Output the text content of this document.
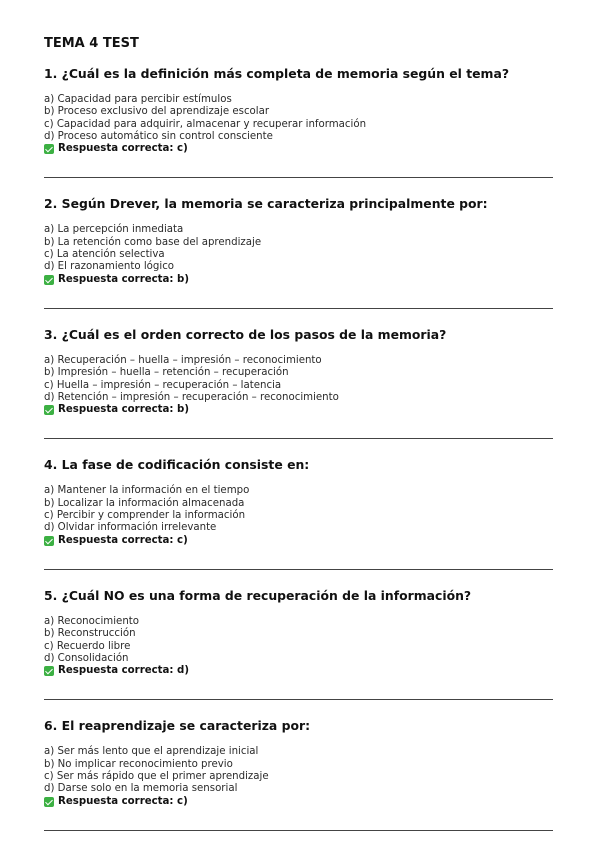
TEMA 4 TEST

1. ¿Cuál es la definición más completa de memoria según el tema?

a) Capacidad para percibir estímulos
b) Proceso exclusivo del aprendizaje escolar
c) Capacidad para adquirir, almacenar y recuperar información
d) Proceso automático sin control consciente
Respuesta correcta: c)

2. Según Drever, la memoria se caracteriza principalmente por:

a) La percepción inmediata
b) La retención como base del aprendizaje
c) La atención selectiva
d) El razonamiento lógico
Respuesta correcta: b)

3. ¿Cuál es el orden correcto de los pasos de la memoria?

a) Recuperación – huella – impresión – reconocimiento
b) Impresión – huella – retención – recuperación
c) Huella – impresión – recuperación – latencia
d) Retención – impresión – recuperación – reconocimiento
Respuesta correcta: b)

4. La fase de codificación consiste en:

a) Mantener la información en el tiempo
b) Localizar la información almacenada
c) Percibir y comprender la información
d) Olvidar información irrelevante
Respuesta correcta: c)

5. ¿Cuál NO es una forma de recuperación de la información?

a) Reconocimiento
b) Reconstrucción
c) Recuerdo libre
d) Consolidación
Respuesta correcta: d)

6. El reaprendizaje se caracteriza por:

a) Ser más lento que el aprendizaje inicial
b) No implicar reconocimiento previo
c) Ser más rápido que el primer aprendizaje
d) Darse solo en la memoria sensorial
Respuesta correcta: c)
